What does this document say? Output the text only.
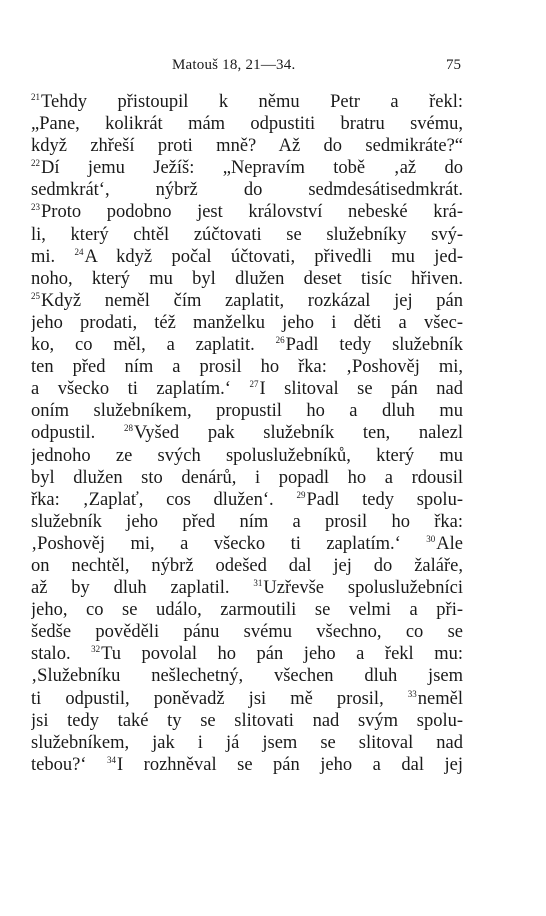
Matouš 18, 21—34.	75
$^{21}$Tehdy přistoupil k němu Petr a řekl:
„Pane, kolikrát mám odpustiti bratru svému,
když zhřeší proti mně? Až do sedmikráte?“
$^{22}$Dí jemu Ježíš: „Nepravím tobě ‚až do
sedmkrát‘, nýbrž do sedmdesátisedmkrát.
$^{23}$Proto podobno jest království nebeské krá-
li, který chtěl zúčtovati se služebníky svý-
mi. $^{24}$A když počal účtovati, přivedli mu jed-
noho, který mu byl dlužen deset tisíc hřiven.
$^{25}$Když neměl čím zaplatit, rozkázal jej pán
jeho prodati, též manželku jeho i děti a všec-
ko, co měl, a zaplatit. $^{26}$Padl tedy služebník
ten před ním a prosil ho řka: ‚Poshověj mi,
a všecko ti zaplatím.‘ $^{27}$I slitoval se pán nad
oním služebníkem, propustil ho a dluh mu
odpustil. $^{28}$Vyšed pak služebník ten, nalezl
jednoho ze svých spoluslužebníků, který mu
byl dlužen sto denárů, i popadl ho a rdousil
řka: ‚Zaplať, cos dlužen‘. $^{29}$Padl tedy spolu-
služebník jeho před ním a prosil ho řka:
‚Poshověj mi, a všecko ti zaplatím.‘ $^{30}$Ale
on nechtěl, nýbrž odešed dal jej do žaláře,
až by dluh zaplatil. $^{31}$Uzřevše spoluslužebníci
jeho, co se událo, zarmoutili se velmi a při-
šedše pověděli pánu svému všechno, co se
stalo. $^{32}$Tu povolal ho pán jeho a řekl mu:
‚Služebníku nešlechetný, všechen dluh jsem
ti odpustil, poněvadž jsi mě prosil, $^{33}$neměl
jsi tedy také ty se slitovati nad svým spolu-
služebníkem, jak i já jsem se slitoval nad
tebou?‘ $^{34}$I rozhněval se pán jeho a dal jej
